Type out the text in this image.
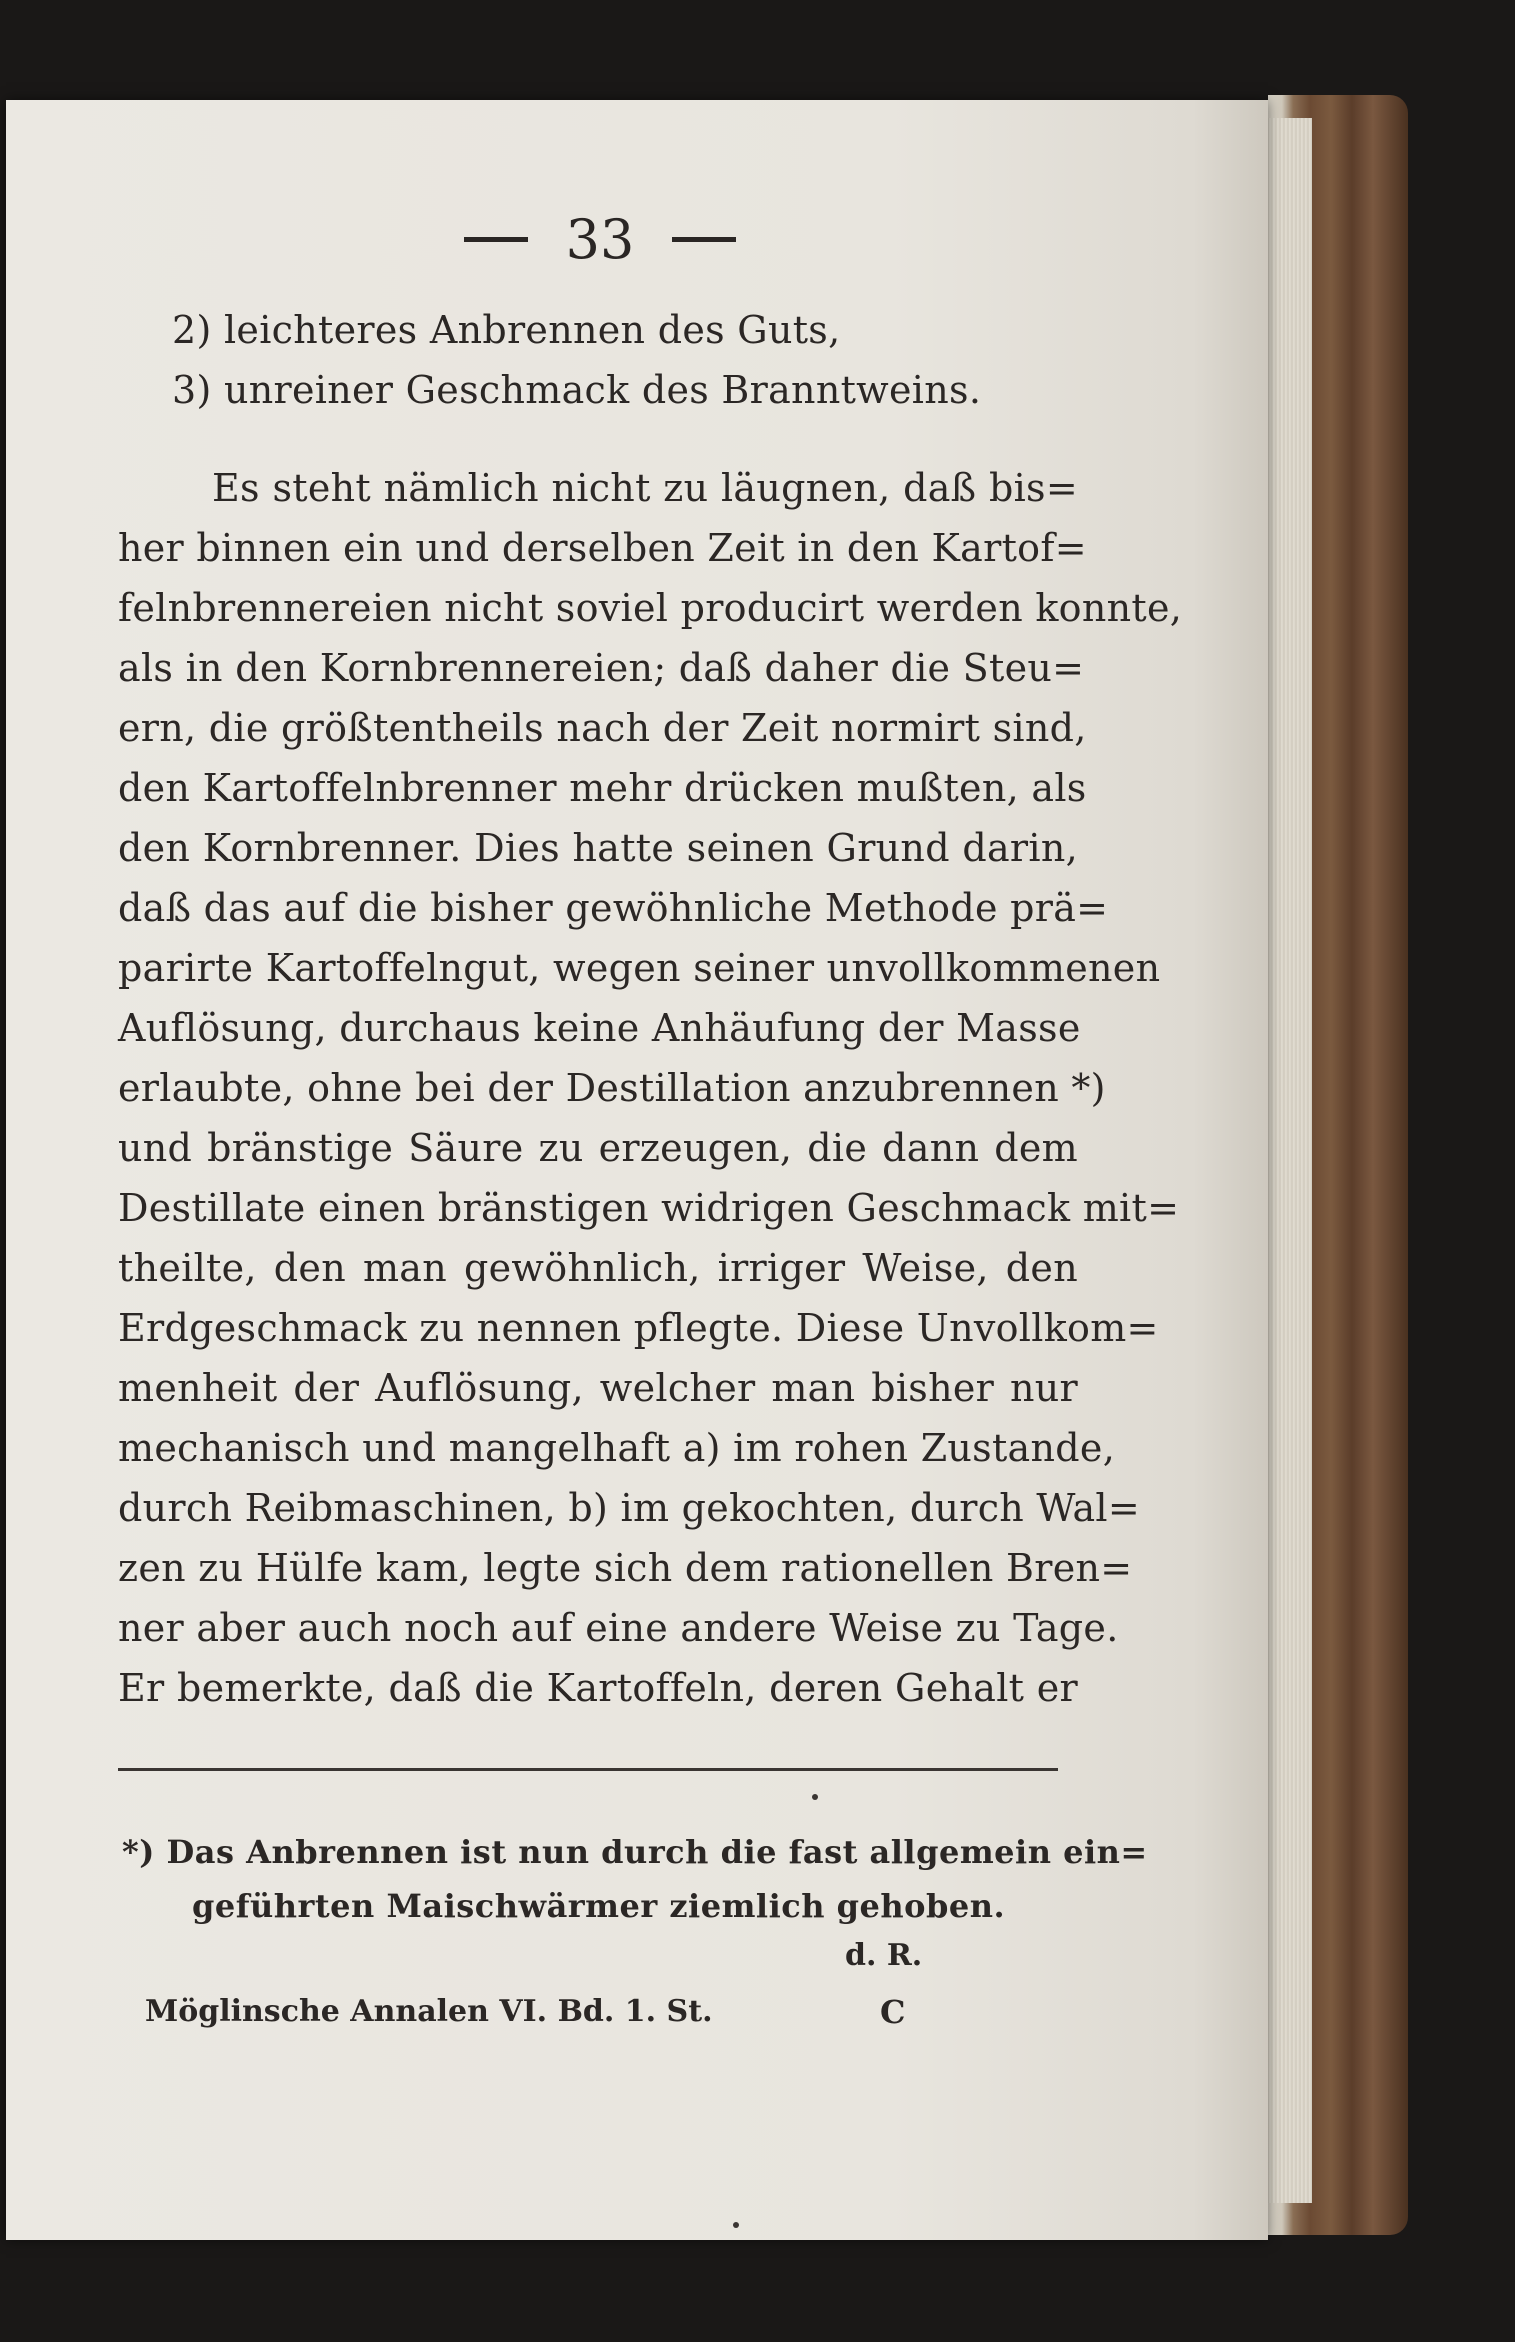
33
2) leichteres Anbrennen des Guts,
3) unreiner Geschmack des Branntweins.
Es steht nämlich nicht zu läugnen, daß bis=
her binnen ein und derselben Zeit in den Kartof=
felnbrennereien nicht soviel producirt werden konnte,
als in den Kornbrennereien; daß daher die Steu=
ern, die größtentheils nach der Zeit normirt sind,
den Kartoffelnbrenner mehr drücken mußten, als
den Kornbrenner. Dies hatte seinen Grund darin,
daß das auf die bisher gewöhnliche Methode prä=
parirte Kartoffelngut, wegen seiner unvollkommenen
Auflösung, durchaus keine Anhäufung der Masse
erlaubte, ohne bei der Destillation anzubrennen *)
und bränstige Säure zu erzeugen, die dann dem
Destillate einen bränstigen widrigen Geschmack mit=
theilte, den man gewöhnlich, irriger Weise, den
Erdgeschmack zu nennen pflegte. Diese Unvollkom=
menheit der Auflösung, welcher man bisher nur
mechanisch und mangelhaft a) im rohen Zustande,
durch Reibmaschinen, b) im gekochten, durch Wal=
zen zu Hülfe kam, legte sich dem rationellen Bren=
ner aber auch noch auf eine andere Weise zu Tage.
Er bemerkte, daß die Kartoffeln, deren Gehalt er
*) Das Anbrennen ist nun durch die fast allgemein ein=
geführten Maischwärmer ziemlich gehoben.
d. R.
Möglinsche Annalen VI. Bd. 1. St.	C
